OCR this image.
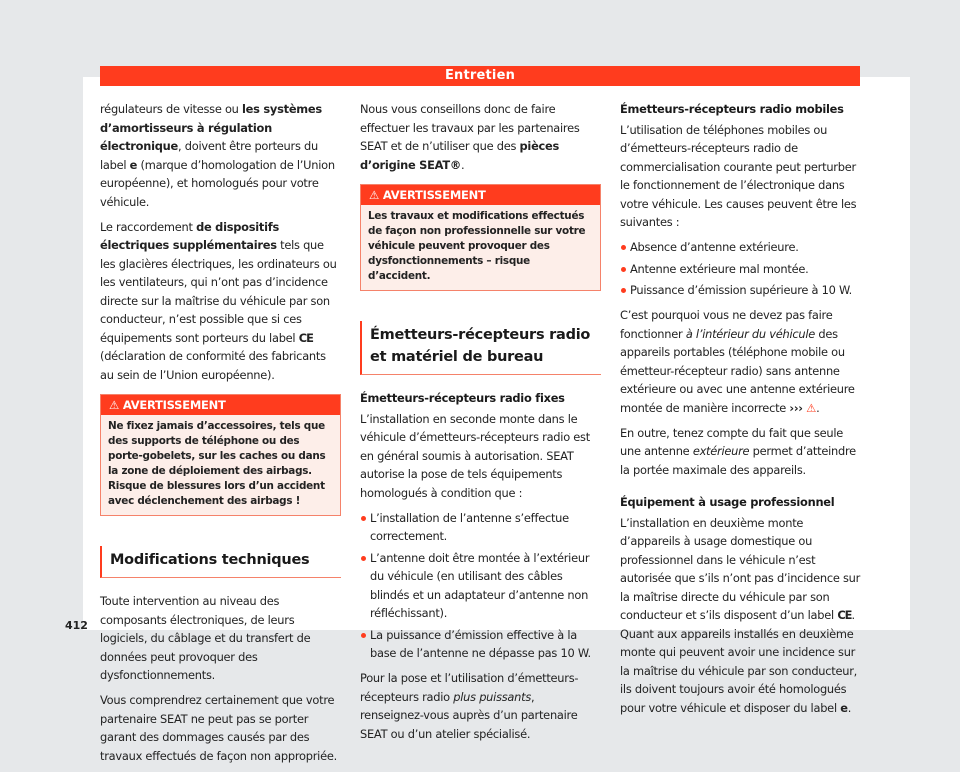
Entretien
412
régulateurs de vitesse ou les systèmes d’amortisseurs à régulation électronique, doivent être porteurs du label e (marque d’homologation de l’Union européenne), et homologués pour votre véhicule.
Le raccordement de dispositifs électriques supplémentaires tels que les glacières électriques, les ordinateurs ou les ventilateurs, qui n’ont pas d’incidence directe sur la maîtrise du véhicule par son conducteur, n’est possible que si ces équipements sont porteurs du label CE (déclaration de conformité des fabricants au sein de l’Union européenne).
⚠ AVERTISSEMENT
Ne fixez jamais d’accessoires, tels que des supports de téléphone ou des porte-gobelets, sur les caches ou dans la zone de déploiement des airbags. Risque de blessures lors d’un accident avec déclenchement des airbags !
Modifications techniques
Toute intervention au niveau des composants électroniques, de leurs logiciels, du câblage et du transfert de données peut provoquer des dysfonctionnements.
Vous comprendrez certainement que votre partenaire SEAT ne peut pas se porter garant des dommages causés par des travaux effectués de façon non appropriée.
Nous vous conseillons donc de faire effectuer les travaux par les partenaires SEAT et de n’utiliser que des pièces d’origine SEAT®.
⚠ AVERTISSEMENT
Les travaux et modifications effectués de façon non professionnelle sur votre véhicule peuvent provoquer des dysfonctionnements – risque d’accident.
Émetteurs-récepteurs radio et matériel de bureau
Émetteurs-récepteurs radio fixes
L’installation en seconde monte dans le véhicule d’émetteurs-récepteurs radio est en général soumis à autorisation. SEAT autorise la pose de tels équipements homologués à condition que :
L’installation de l’antenne s’effectue correctement.
L’antenne doit être montée à l’extérieur du véhicule (en utilisant des câbles blindés et un adaptateur d’antenne non réfléchissant).
La puissance d’émission effective à la base de l’antenne ne dépasse pas 10 W.
Pour la pose et l’utilisation d’émetteurs-récepteurs radio plus puissants, renseignez-vous auprès d’un partenaire SEAT ou d’un atelier spécialisé.
Émetteurs-récepteurs radio mobiles
L’utilisation de téléphones mobiles ou d’émetteurs-récepteurs radio de commercialisation courante peut perturber le fonctionnement de l’électronique dans votre véhicule. Les causes peuvent être les suivantes :
Absence d’antenne extérieure.
Antenne extérieure mal montée.
Puissance d’émission supérieure à 10 W.
C’est pourquoi vous ne devez pas faire fonctionner à l’intérieur du véhicule des appareils portables (téléphone mobile ou émetteur-récepteur radio) sans antenne extérieure ou avec une antenne extérieure montée de manière incorrecte ››› ⚠.
En outre, tenez compte du fait que seule une antenne extérieure permet d’atteindre la portée maximale des appareils.
Équipement à usage professionnel
L’installation en deuxième monte d’appareils à usage domestique ou professionnel dans le véhicule n’est autorisée que s’ils n’ont pas d’incidence sur la maîtrise directe du véhicule par son conducteur et s’ils disposent d’un label CE. Quant aux appareils installés en deuxième monte qui peuvent avoir une incidence sur la maîtrise du véhicule par son conducteur, ils doivent toujours avoir été homologués pour votre véhicule et disposer du label e.
